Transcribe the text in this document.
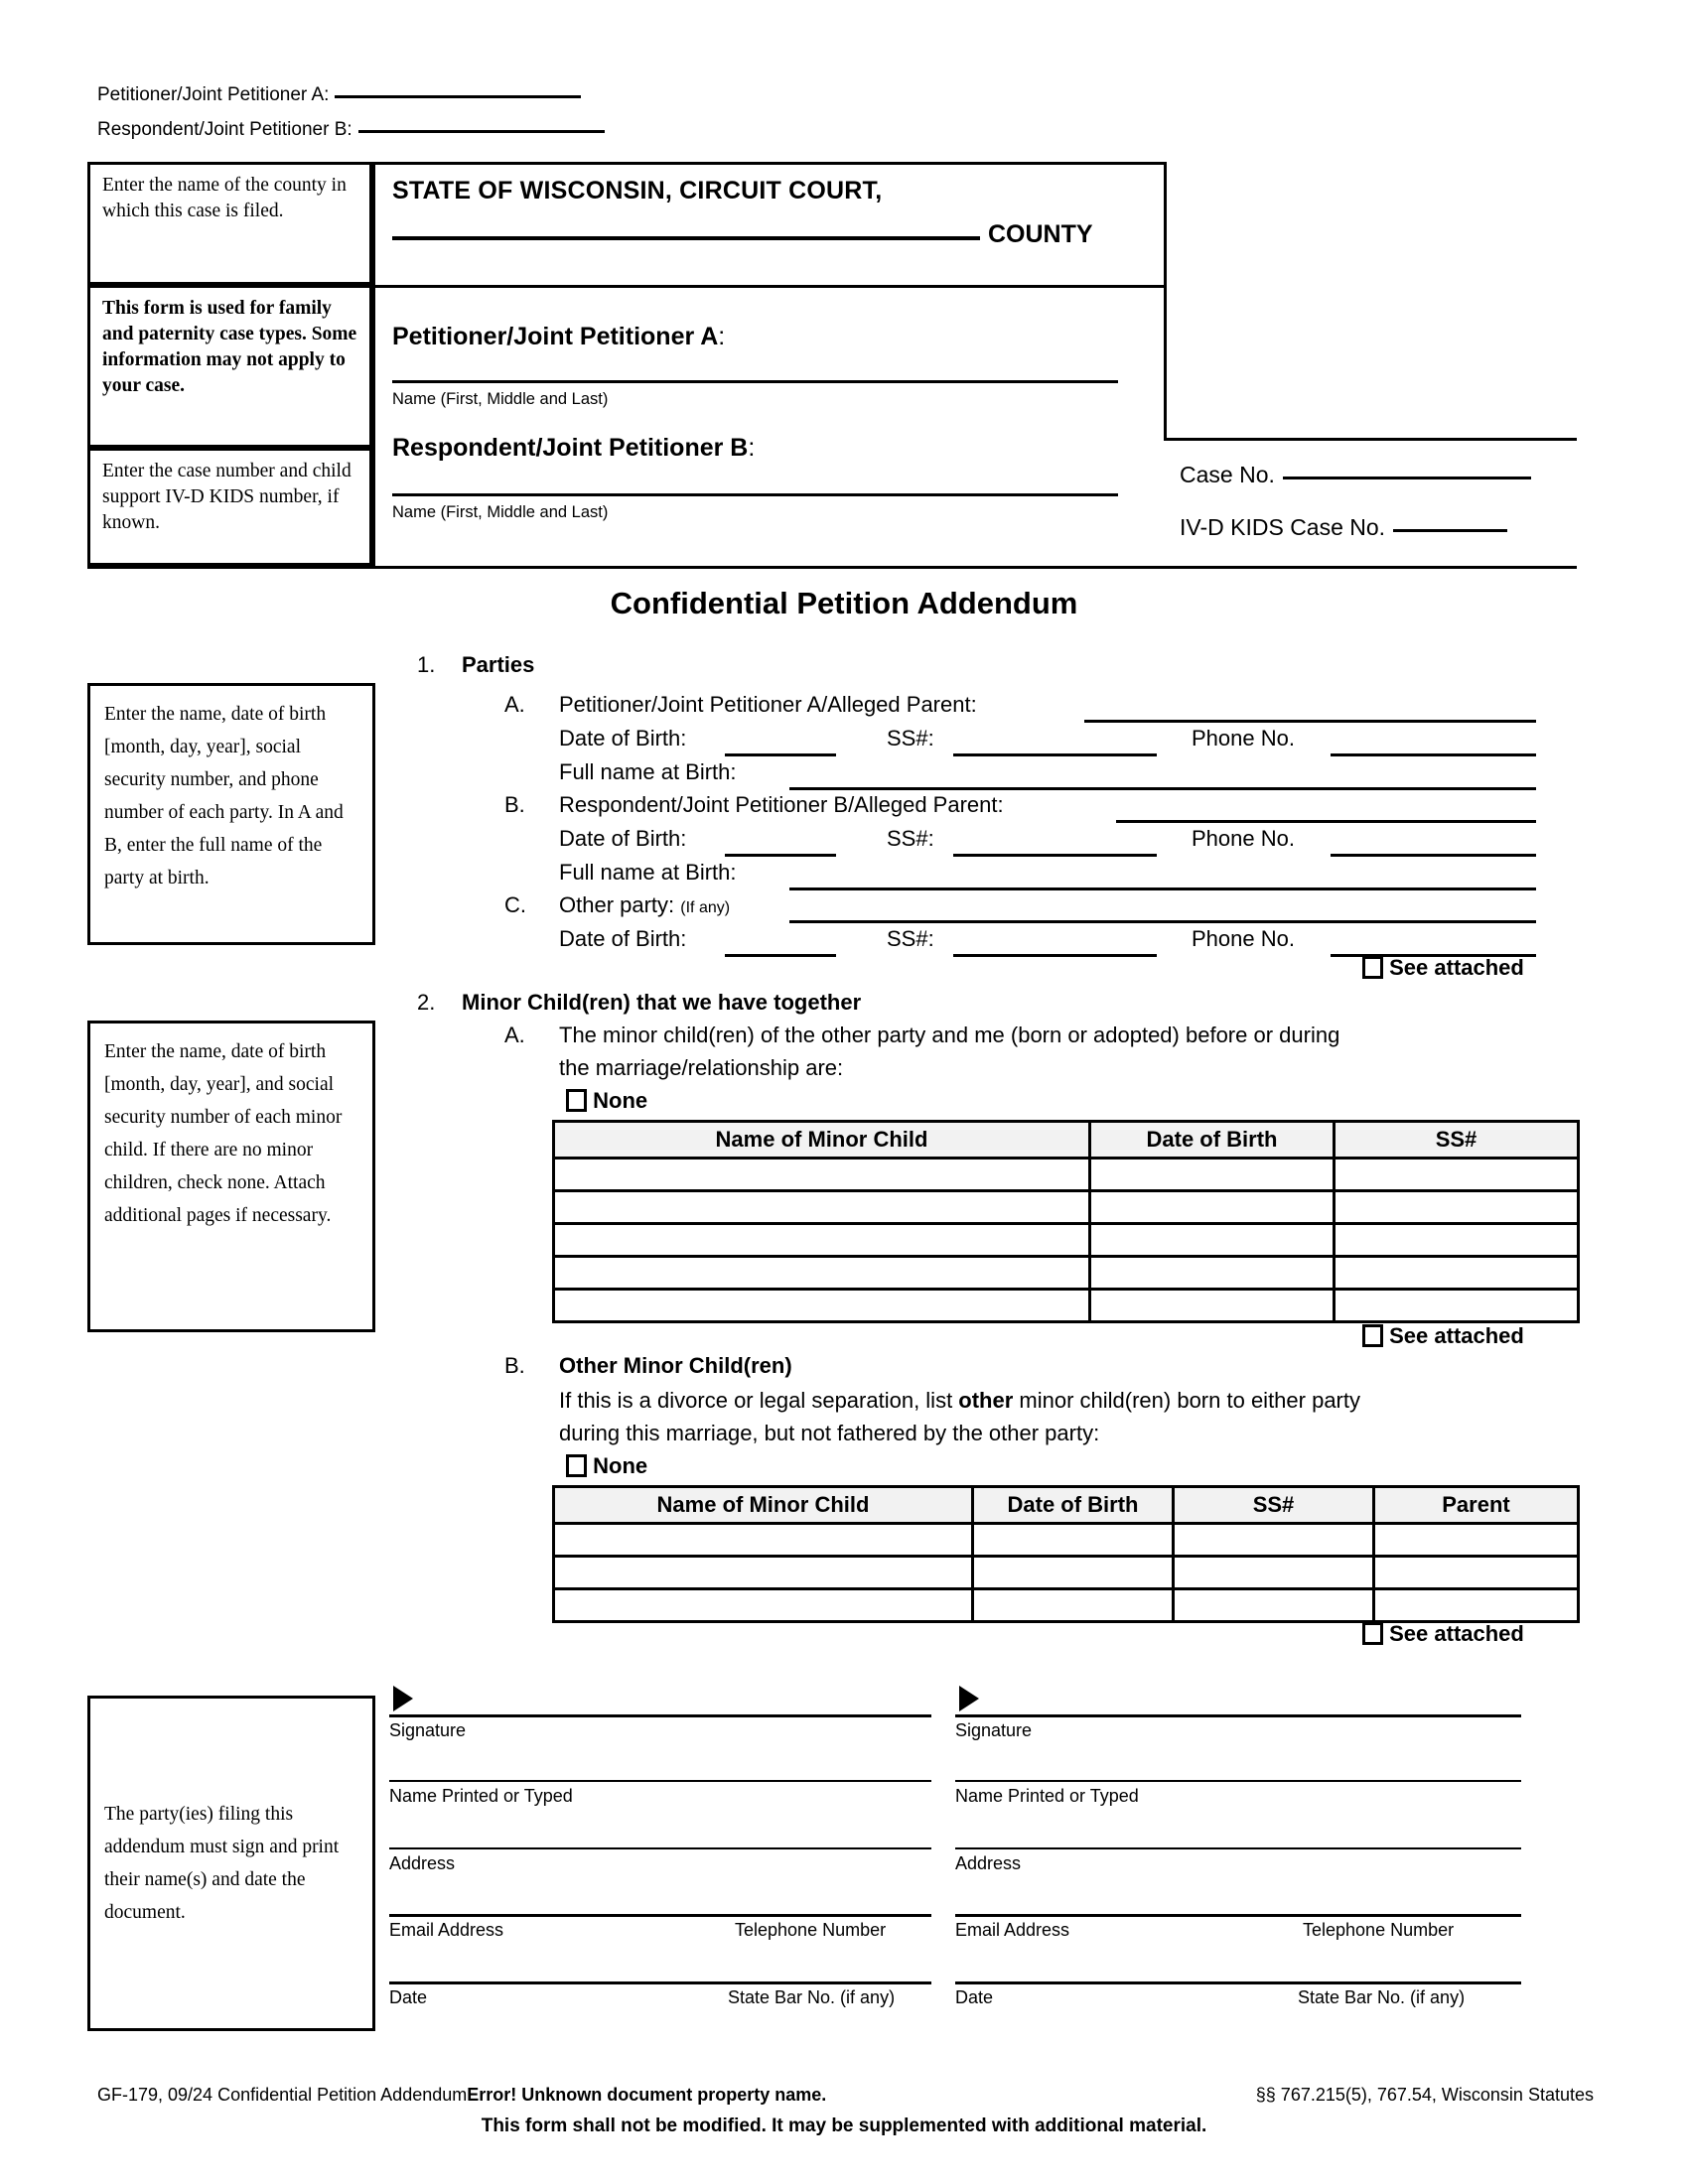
Petitioner/Joint Petitioner A:
Respondent/Joint Petitioner B:
Enter the name of the county in which this case is filed.
This form is used for family and paternity case types. Some information may not apply to your case.
Enter the case number and child support IV-D KIDS number, if known.
STATE OF WISCONSIN, CIRCUIT COURT,
COUNTY
Petitioner/Joint Petitioner A:
Name (First, Middle and Last)
Respondent/Joint Petitioner B:
Name (First, Middle and Last)
Case No.
IV-D KIDS Case No.
Confidential Petition Addendum
Enter the name, date of birth [month, day, year], social security number, and phone number of each party. In A and B, enter the full name of the party at birth.
1. Parties
A. Petitioner/Joint Petitioner A/Alleged Parent:
Date of Birth:	SS#:	Phone No.
Full name at Birth:
B. Respondent/Joint Petitioner B/Alleged Parent:
Date of Birth:	SS#:	Phone No.
Full name at Birth:
C. Other party: (If any)
Date of Birth:	SS#:	Phone No.
See attached
Enter the name, date of birth [month, day, year], and social security number of each minor child. If there are no minor children, check none. Attach additional pages if necessary.
2. Minor Child(ren) that we have together
A. The minor child(ren) of the other party and me (born or adopted) before or during
the marriage/relationship are:
None
Name of Minor Child	Date of Birth	SS#

See attached
B. Other Minor Child(ren)
If this is a divorce or legal separation, list other minor child(ren) born to either party
during this marriage, but not fathered by the other party:
None
Name of Minor Child	Date of Birth	SS#	Parent

See attached
The party(ies) filing this addendum must sign and print their name(s) and date the document.
Signature
Name Printed or Typed
Address
Email Address	Telephone Number
Date	State Bar No. (if any)
Signature
Name Printed or Typed
Address
Email Address	Telephone Number
Date	State Bar No. (if any)
GF-179, 09/24 Confidential Petition AddendumError! Unknown document property name.	§§ 767.215(5), 767.54, Wisconsin Statutes
This form shall not be modified. It may be supplemented with additional material.
